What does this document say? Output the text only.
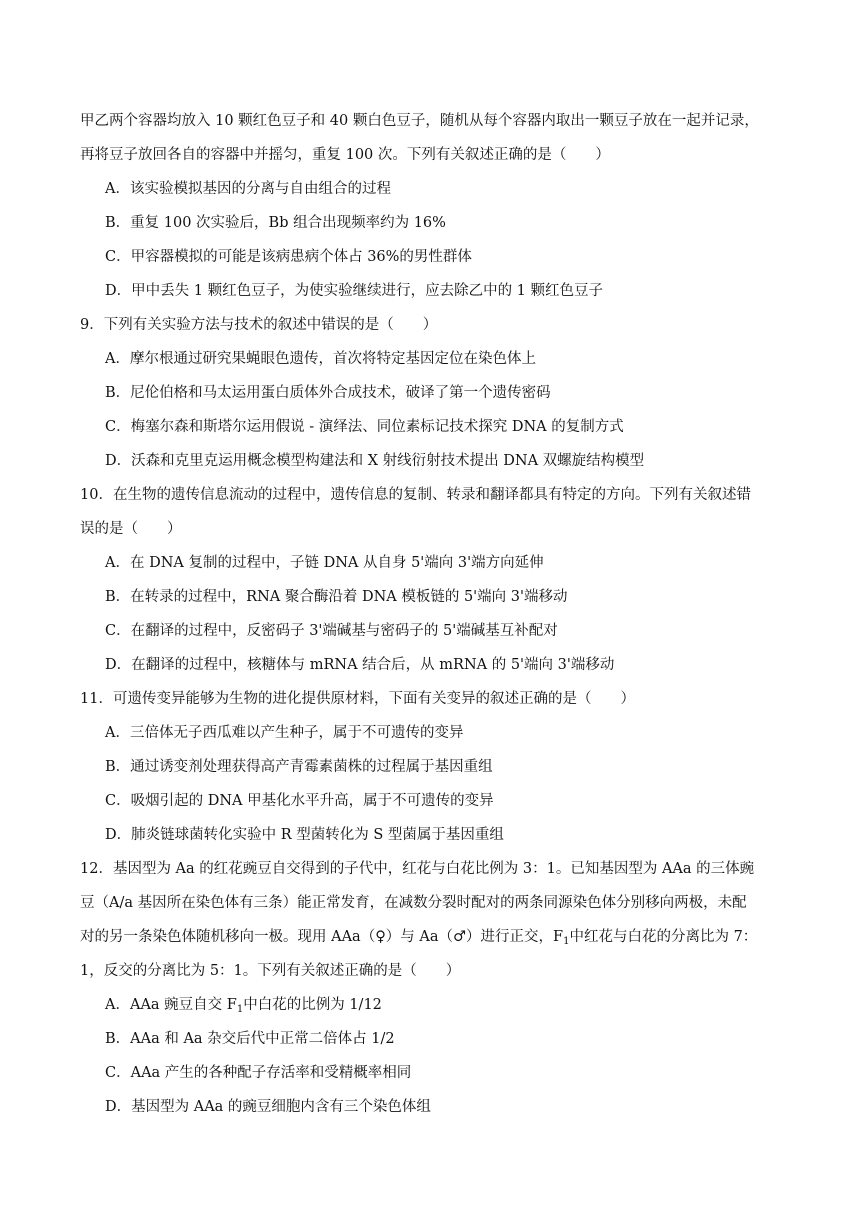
甲乙两个容器均放入 10 颗红色豆子和 40 颗白色豆子，随机从每个容器内取出一颗豆子放在一起并记录，
再将豆子放回各自的容器中并摇匀，重复 100 次。下列有关叙述正确的是（　　）
A．该实验模拟基因的分离与自由组合的过程
B．重复 100 次实验后，Bb 组合出现频率约为 16%
C．甲容器模拟的可能是该病患病个体占 36%的男性群体
D．甲中丢失 1 颗红色豆子，为使实验继续进行，应去除乙中的 1 颗红色豆子
9．下列有关实验方法与技术的叙述中错误的是（　　）
A．摩尔根通过研究果蝇眼色遗传，首次将特定基因定位在染色体上
B．尼伦伯格和马太运用蛋白质体外合成技术，破译了第一个遗传密码
C．梅塞尔森和斯塔尔运用假说 - 演绎法、同位素标记技术探究 DNA 的复制方式
D．沃森和克里克运用概念模型构建法和 X 射线衍射技术提出 DNA 双螺旋结构模型
10．在生物的遗传信息流动的过程中，遗传信息的复制、转录和翻译都具有特定的方向。下列有关叙述错
误的是（　　）
A．在 DNA 复制的过程中，子链 DNA 从自身 5'端向 3'端方向延伸
B．在转录的过程中，RNA 聚合酶沿着 DNA 模板链的 5'端向 3'端移动
C．在翻译的过程中，反密码子 3'端碱基与密码子的 5'端碱基互补配对
D．在翻译的过程中，核糖体与 mRNA 结合后，从 mRNA 的 5'端向 3'端移动
11．可遗传变异能够为生物的进化提供原材料，下面有关变异的叙述正确的是（　　）
A．三倍体无子西瓜难以产生种子，属于不可遗传的变异
B．通过诱变剂处理获得高产青霉素菌株的过程属于基因重组
C．吸烟引起的 DNA 甲基化水平升高，属于不可遗传的变异
D．肺炎链球菌转化实验中 R 型菌转化为 S 型菌属于基因重组
12．基因型为 Aa 的红花豌豆自交得到的子代中，红花与白花比例为 3：1。已知基因型为 AAa 的三体豌
豆（A/a 基因所在染色体有三条）能正常发育，在减数分裂时配对的两条同源染色体分别移向两极，未配
对的另一条染色体随机移向一极。现用 AAa（♀）与 Aa（♂）进行正交，$F_1$中红花与白花的分离比为 7：
1，反交的分离比为 5：1。下列有关叙述正确的是（　　）
A．AAa 豌豆自交 $F_1$中白花的比例为 1/12
B．AAa 和 Aa 杂交后代中正常二倍体占 1/2
C．AAa 产生的各种配子存活率和受精概率相同
D．基因型为 AAa 的豌豆细胞内含有三个染色体组
